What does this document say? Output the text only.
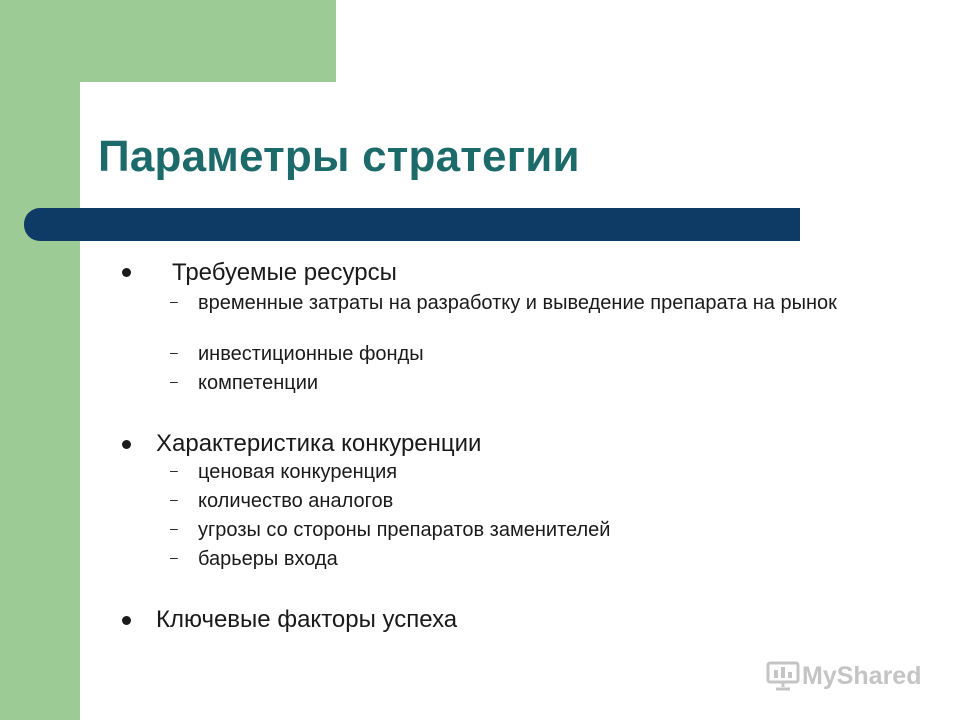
Параметры стратегии
Требуемые ресурсы
– временные затраты на разработку и выведение препарата на рынок
– инвестиционные фонды
– компетенции
Характеристика конкуренции
– ценовая конкуренция
– количество аналогов
– угрозы со стороны препаратов заменителей
– барьеры входа
Ключевые факторы успеха
MyShared
